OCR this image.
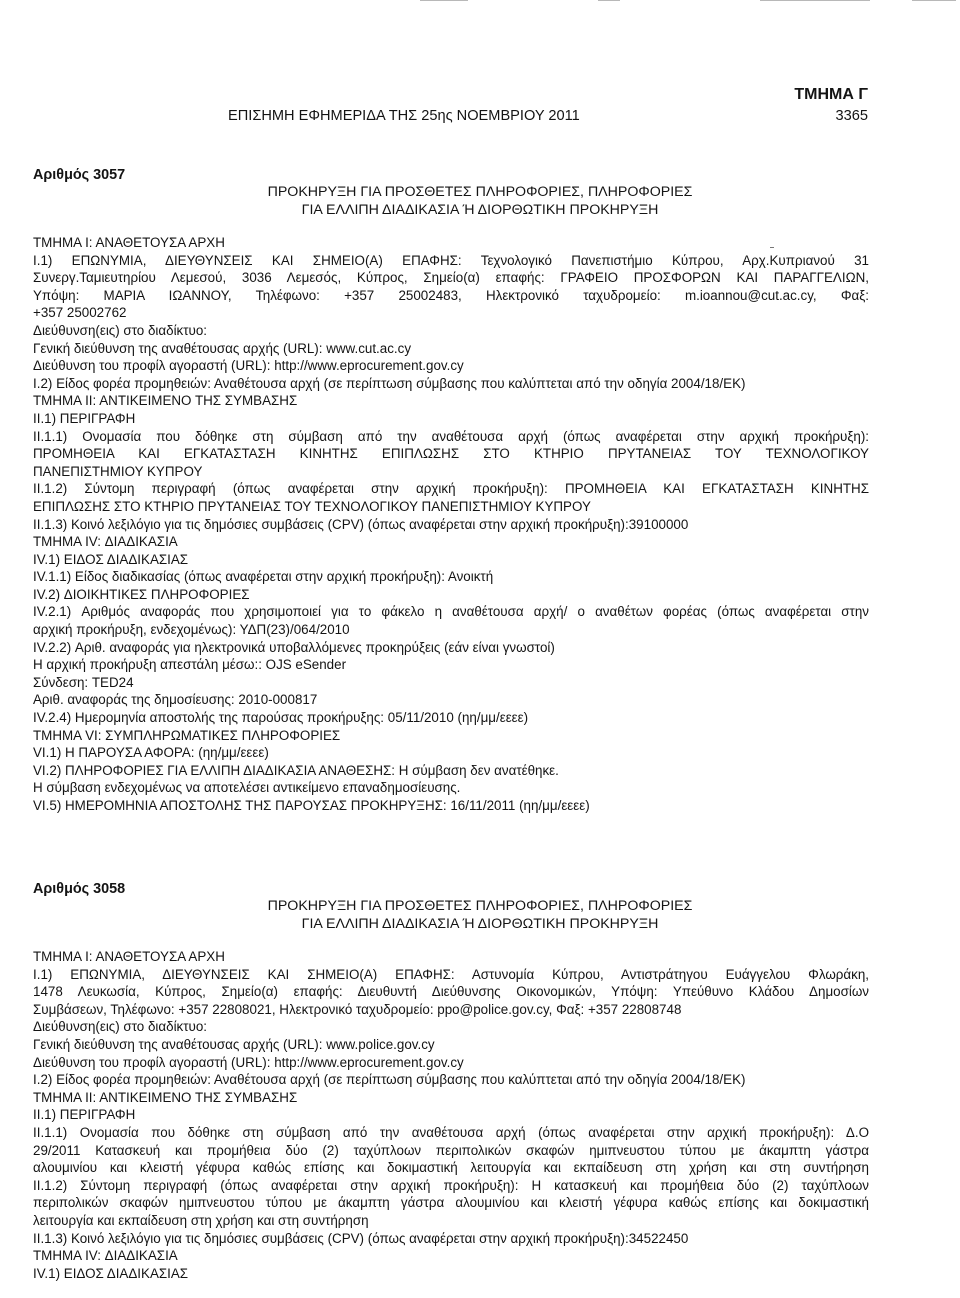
ΤΜΗΜΑ Γ
ΕΠΙΣΗΜΗ ΕΦΗΜΕΡΙΔΑ ΤΗΣ 25ης ΝΟΕΜΒΡΙΟΥ 2011	3365
Αριθμός 3057
ΠΡΟΚΗΡΥΞΗ ΓΙΑ ΠΡΟΣΘΕΤΕΣ ΠΛΗΡΟΦΟΡΙΕΣ, ΠΛΗΡΟΦΟΡΙΕΣ
ΓΙΑ ΕΛΛΙΠΗ ΔΙΑΔΙΚΑΣΙΑ Ή ΔΙΟΡΘΩΤΙΚΗ ΠΡΟΚΗΡΥΞΗ

ΤΜΗΜΑ Ι: ΑΝΑΘΕΤΟΥΣΑ ΑΡΧΗ

Ι.1) ΕΠΩΝΥΜΙΑ, ΔΙΕΥΘΥΝΣΕΙΣ ΚΑΙ ΣΗΜΕΙΟ(Α) ΕΠΑΦΗΣ: Τεχνολογικό Πανεπιστήμιο Κύπρου, Αρχ.Κυπριανού 31

Συνεργ.Ταμιευτηρίου Λεμεσού, 3036 Λεμεσός, Κύπρος, Σημείο(α) επαφής: ΓΡΑΦΕΙΟ ΠΡΟΣΦΟΡΩΝ ΚΑΙ ΠΑΡΑΓΓΕΛΙΩΝ,

Υπόψη: ΜΑΡΙΑ ΙΩΑΝΝΟΥ, Τηλέφωνο: +357 25002483, Ηλεκτρονικό ταχυδρομείο: m.ioannou@cut.ac.cy, Φαξ:

+357 25002762

Διεύθυνση(εις) στο διαδίκτυο:

Γενική διεύθυνση της αναθέτουσας αρχής (URL): www.cut.ac.cy

Διεύθυνση του προφίλ αγοραστή (URL): http://www.eprocurement.gov.cy

Ι.2) Είδος φορέα προμηθειών: Αναθέτουσα αρχή (σε περίπτωση σύμβασης που καλύπτεται από την οδηγία 2004/18/ΕΚ)

ΤΜΗΜΑ ΙΙ: ΑΝΤΙΚΕΙΜΕΝΟ ΤΗΣ ΣΥΜΒΑΣΗΣ

ΙΙ.1) ΠΕΡΙΓΡΑΦΗ

ΙΙ.1.1) Ονομασία που δόθηκε στη σύμβαση από την αναθέτουσα αρχή (όπως αναφέρεται στην αρχική προκήρυξη):

ΠΡΟΜΗΘΕΙΑ ΚΑΙ ΕΓΚΑΤΑΣΤΑΣΗ ΚΙΝΗΤΗΣ ΕΠΙΠΛΩΣΗΣ ΣΤΟ ΚΤΗΡΙΟ ΠΡΥΤΑΝΕΙΑΣ ΤΟΥ ΤΕΧΝΟΛΟΓΙΚΟΥ

ΠΑΝΕΠΙΣΤΗΜΙΟΥ ΚΥΠΡΟΥ

ΙΙ.1.2) Σύντομη περιγραφή (όπως αναφέρεται στην αρχική προκήρυξη): ΠΡΟΜΗΘΕΙΑ ΚΑΙ ΕΓΚΑΤΑΣΤΑΣΗ ΚΙΝΗΤΗΣ

ΕΠΙΠΛΩΣΗΣ ΣΤΟ ΚΤΗΡΙΟ ΠΡΥΤΑΝΕΙΑΣ ΤΟΥ ΤΕΧΝΟΛΟΓΙΚΟΥ ΠΑΝΕΠΙΣΤΗΜΙΟΥ ΚΥΠΡΟΥ

ΙΙ.1.3) Κοινό λεξιλόγιο για τις δημόσιες συμβάσεις (CPV) (όπως αναφέρεται στην αρχική προκήρυξη):39100000

ΤΜΗΜΑ IV: ΔΙΑΔΙΚΑΣΙΑ

IV.1) ΕΙΔΟΣ ΔΙΑΔΙΚΑΣΙΑΣ

IV.1.1) Είδος διαδικασίας (όπως αναφέρεται στην αρχική προκήρυξη): Ανοικτή

IV.2) ΔΙΟΙΚΗΤΙΚΕΣ ΠΛΗΡΟΦΟΡΙΕΣ

IV.2.1) Αριθμός αναφοράς που χρησιμοποιεί για το φάκελο η αναθέτουσα αρχή/ ο αναθέτων φορέας (όπως αναφέρεται στην

αρχική προκήρυξη, ενδεχομένως): ΥΔΠ(23)/064/2010

IV.2.2) Αριθ. αναφοράς για ηλεκτρονικά υποβαλλόμενες προκηρύξεις (εάν είναι γνωστοί)

Η αρχική προκήρυξη απεστάλη μέσω:: OJS eSender

Σύνδεση: TED24

Αριθ. αναφοράς της δημοσίευσης: 2010-000817

IV.2.4) Ημερομηνία αποστολής της παρούσας προκήρυξης: 05/11/2010 (ηη/μμ/εεεε)

ΤΜΗΜΑ VI: ΣΥΜΠΛΗΡΩΜΑΤΙΚΕΣ ΠΛΗΡΟΦΟΡΙΕΣ

VI.1) Η ΠΑΡΟΥΣΑ ΑΦΟΡΑ: (ηη/μμ/εεεε)

VI.2) ΠΛΗΡΟΦΟΡΙΕΣ ΓΙΑ ΕΛΛΙΠΗ ΔΙΑΔΙΚΑΣΙΑ ΑΝΑΘΕΣΗΣ: Η σύμβαση δεν ανατέθηκε.

Η σύμβαση ενδεχομένως να αποτελέσει αντικείμενο επαναδημοσίευσης.

VI.5) ΗΜΕΡΟΜΗΝΙΑ ΑΠΟΣΤΟΛΗΣ ΤΗΣ ΠΑΡΟΥΣΑΣ ΠΡΟΚΗΡΥΞΗΣ: 16/11/2011 (ηη/μμ/εεεε)

Αριθμός 3058
ΠΡΟΚΗΡΥΞΗ ΓΙΑ ΠΡΟΣΘΕΤΕΣ ΠΛΗΡΟΦΟΡΙΕΣ, ΠΛΗΡΟΦΟΡΙΕΣ
ΓΙΑ ΕΛΛΙΠΗ ΔΙΑΔΙΚΑΣΙΑ Ή ΔΙΟΡΘΩΤΙΚΗ ΠΡΟΚΗΡΥΞΗ

ΤΜΗΜΑ Ι: ΑΝΑΘΕΤΟΥΣΑ ΑΡΧΗ

Ι.1) ΕΠΩΝΥΜΙΑ, ΔΙΕΥΘΥΝΣΕΙΣ ΚΑΙ ΣΗΜΕΙΟ(Α) ΕΠΑΦΗΣ: Αστυνομία Κύπρου, Αντιστράτηγου Ευάγγελου Φλωράκη,

1478 Λευκωσία, Κύπρος, Σημείο(α) επαφής: Διευθυντή Διεύθυνσης Οικονομικών, Υπόψη: Υπεύθυνο Κλάδου Δημοσίων

Συμβάσεων, Τηλέφωνο: +357 22808021, Ηλεκτρονικό ταχυδρομείο: ppo@police.gov.cy, Φαξ: +357 22808748

Διεύθυνση(εις) στο διαδίκτυο:

Γενική διεύθυνση της αναθέτουσας αρχής (URL): www.police.gov.cy

Διεύθυνση του προφίλ αγοραστή (URL): http://www.eprocurement.gov.cy

Ι.2) Είδος φορέα προμηθειών: Αναθέτουσα αρχή (σε περίπτωση σύμβασης που καλύπτεται από την οδηγία 2004/18/ΕΚ)

ΤΜΗΜΑ ΙΙ: ΑΝΤΙΚΕΙΜΕΝΟ ΤΗΣ ΣΥΜΒΑΣΗΣ

ΙΙ.1) ΠΕΡΙΓΡΑΦΗ

ΙΙ.1.1) Ονομασία που δόθηκε στη σύμβαση από την αναθέτουσα αρχή (όπως αναφέρεται στην αρχική προκήρυξη): Δ.Ο

29/2011 Κατασκευή και προμήθεια δύο (2) ταχύπλοων περιπολικών σκαφών ημιπνευστου τύπου με άκαμπτη γάστρα

αλουμινίου και κλειστή γέφυρα καθώς επίσης και δοκιμαστική λειτουργία και εκπαίδευση στη χρήση και στη συντήρηση

ΙΙ.1.2) Σύντομη περιγραφή (όπως αναφέρεται στην αρχική προκήρυξη): Η κατασκευή και προμήθεια δύο (2) ταχύπλοων

περιπολικών σκαφών ημιπνευστου τύπου με άκαμπτη γάστρα αλουμινίου και κλειστή γέφυρα καθώς επίσης και δοκιμαστική

λειτουργία και εκπαίδευση στη χρήση και στη συντήρηση

ΙΙ.1.3) Κοινό λεξιλόγιο για τις δημόσιες συμβάσεις (CPV) (όπως αναφέρεται στην αρχική προκήρυξη):34522450

ΤΜΗΜΑ IV: ΔΙΑΔΙΚΑΣΙΑ

IV.1) ΕΙΔΟΣ ΔΙΑΔΙΚΑΣΙΑΣ
